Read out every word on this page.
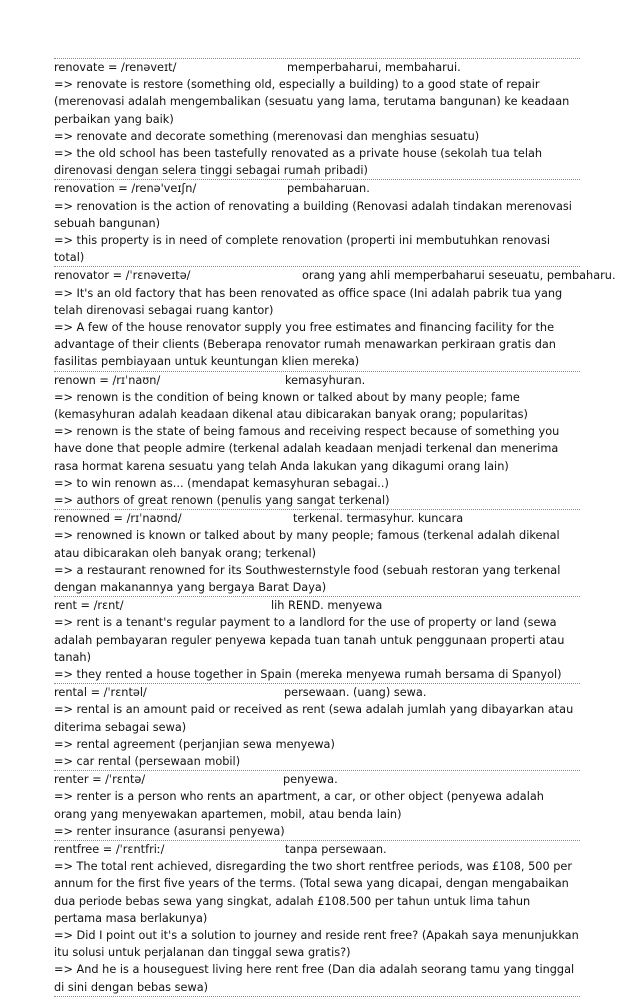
renovate = /renəveɪt/	memperbaharui, membaharui.
=> renovate is restore (something old, especially a building) to a good state of repair (merenovasi adalah mengembalikan (sesuatu yang lama, terutama bangunan) ke keadaan perbaikan yang baik)
=> renovate and decorate something (merenovasi dan menghias sesuatu)
=> the old school has been tastefully renovated as a private house (sekolah tua telah direnovasi dengan selera tinggi sebagai rumah pribadi)
renovation = /renə'veɪʃn/	pembaharuan.
=> renovation is the action of renovating a building (Renovasi adalah tindakan merenovasi sebuah bangunan)
=> this property is in need of complete renovation (properti ini membutuhkan renovasi total)
renovator = /ˈrɛnəveɪtə/	orang yang ahli memperbaharui seseuatu, pembaharu.
=> It's an old factory that has been renovated as office space (Ini adalah pabrik tua yang telah direnovasi sebagai ruang kantor)
=> A few of the house renovator supply you free estimates and financing facility for the advantage of their clients (Beberapa renovator rumah menawarkan perkiraan gratis dan fasilitas pembiayaan untuk keuntungan klien mereka)
renown = /rɪˈnaʊn/	kemasyhuran.
=> renown is the condition of being known or talked about by many people; fame (kemasyhuran adalah keadaan dikenal atau dibicarakan banyak orang; popularitas)
=> renown is the state of being famous and receiving respect because of something you have done that people admire (terkenal adalah keadaan menjadi terkenal dan menerima rasa hormat karena sesuatu yang telah Anda lakukan yang dikagumi orang lain)
=> to win renown as... (mendapat kemasyhuran sebagai..)
=> authors of great renown (penulis yang sangat terkenal)
renowned = /rɪˈnaʊnd/	terkenal. termasyhur. kuncara
=> renowned is known or talked about by many people; famous (terkenal adalah dikenal atau dibicarakan oleh banyak orang; terkenal)
=> a restaurant renowned for its Southwesternstyle food (sebuah restoran yang terkenal dengan makanannya yang bergaya Barat Daya)
rent = /rɛnt/	lih REND. menyewa
=> rent is a tenant's regular payment to a landlord for the use of property or land (sewa adalah pembayaran reguler penyewa kepada tuan tanah untuk penggunaan properti atau tanah)
=> they rented a house together in Spain (mereka menyewa rumah bersama di Spanyol)
rental = /ˈrɛntəl/	persewaan. (uang) sewa.
=> rental is an amount paid or received as rent (sewa adalah jumlah yang dibayarkan atau diterima sebagai sewa)
=> rental agreement (perjanjian sewa menyewa)
=> car rental (persewaan mobil)
renter = /ˈrɛntə/	penyewa.
=> renter is a person who rents an apartment, a car, or other object (penyewa adalah orang yang menyewakan apartemen, mobil, atau benda lain)
=> renter insurance (asuransi penyewa)
rentfree = /ˈrɛntfriː/	tanpa persewaan.
=> The total rent achieved, disregarding the two short rentfree periods, was £108, 500 per annum for the first five years of the terms. (Total sewa yang dicapai, dengan mengabaikan dua periode bebas sewa yang singkat, adalah £108.500 per tahun untuk lima tahun pertama masa berlakunya)
=> Did I point out it's a solution to journey and reside rent free? (Apakah saya menunjukkan itu solusi untuk perjalanan dan tinggal sewa gratis?)
=> And he is a houseguest living here rent free (Dan dia adalah seorang tamu yang tinggal di sini dengan bebas sewa)
